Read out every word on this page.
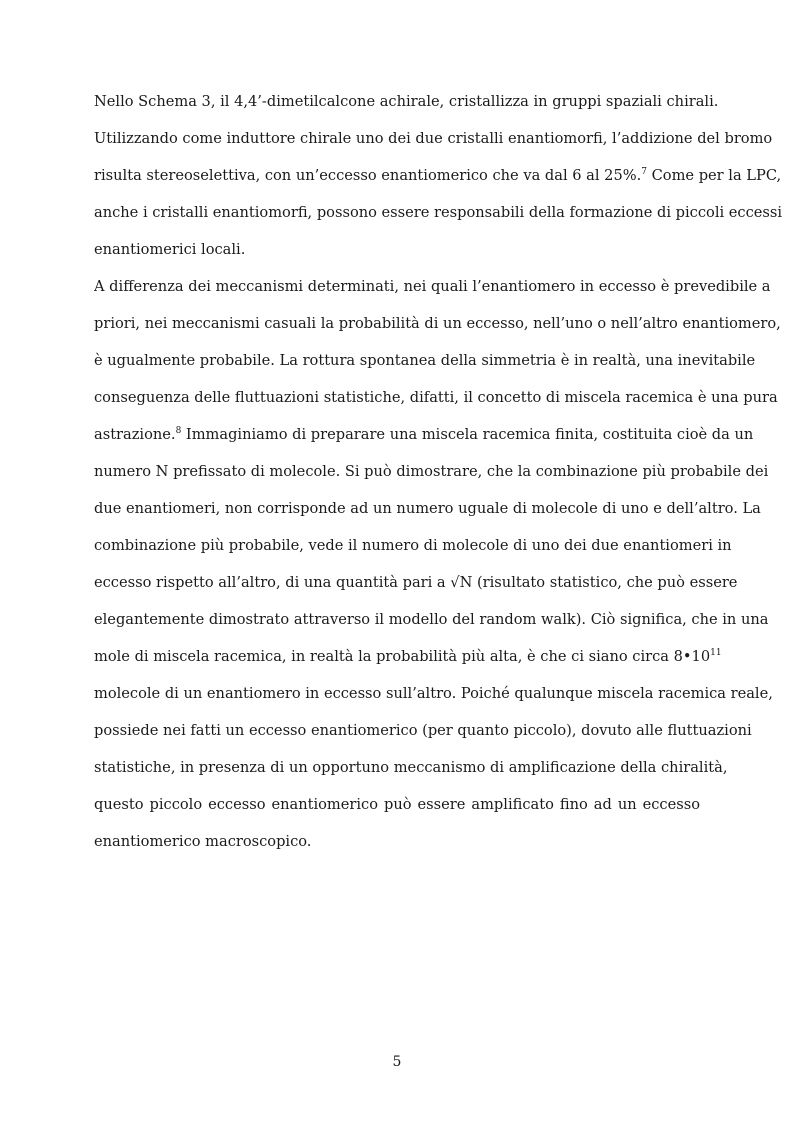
Nello Schema 3, il 4,4’-dimetilcalcone achirale, cristallizza in gruppi spaziali chirali.
Utilizzando come induttore chirale uno dei due cristalli enantiomorfi, l’addizione del bromo
risulta stereoselettiva, con un’eccesso enantiomerico che va dal 6 al 25%.$^7$ Come per la LPC,
anche i cristalli enantiomorfi, possono essere responsabili della formazione di piccoli eccessi
enantiomerici locali.
A differenza dei meccanismi determinati, nei quali l’enantiomero in eccesso è prevedibile a
priori, nei meccanismi casuali la probabilità di un eccesso, nell’uno o nell’altro enantiomero,
è ugualmente probabile. La rottura spontanea della simmetria è in realtà, una inevitabile
conseguenza delle fluttuazioni statistiche, difatti, il concetto di miscela racemica è una pura
astrazione.$^8$ Immaginiamo di preparare una miscela racemica finita, costituita cioè da un
numero N prefissato di molecole. Si può dimostrare, che la combinazione più probabile dei
due enantiomeri, non corrisponde ad un numero uguale di molecole di uno e dell’altro. La
combinazione più probabile, vede il numero di molecole di uno dei due enantiomeri in
eccesso rispetto all’altro, di una quantità pari a √N (risultato statistico, che può essere
elegantemente dimostrato attraverso il modello del random walk). Ciò significa, che in una
mole di miscela racemica, in realtà la probabilità più alta, è che ci siano circa $8•10^{11}$
molecole di un enantiomero in eccesso sull’altro. Poiché qualunque miscela racemica reale,
possiede nei fatti un eccesso enantiomerico (per quanto piccolo), dovuto alle fluttuazioni
statistiche, in presenza di un opportuno meccanismo di amplificazione della chiralità,
questo piccolo eccesso enantiomerico può essere amplificato fino ad un eccesso
enantiomerico macroscopico.
5
